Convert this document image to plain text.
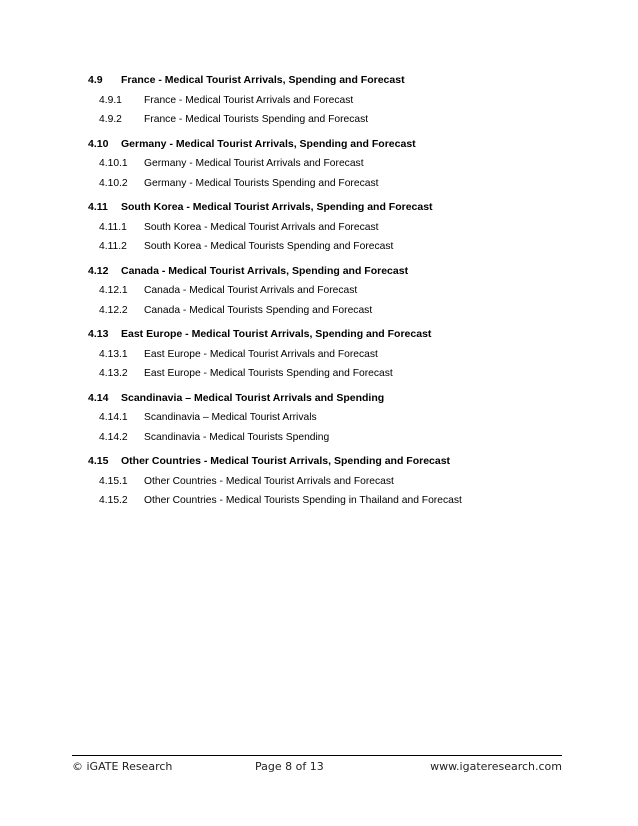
4.9 France - Medical Tourist Arrivals, Spending and Forecast
4.9.1 France - Medical Tourist Arrivals and Forecast
4.9.2 France - Medical Tourists Spending and Forecast
4.10 Germany - Medical Tourist Arrivals, Spending and Forecast
4.10.1 Germany - Medical Tourist Arrivals and Forecast
4.10.2 Germany - Medical Tourists Spending and Forecast
4.11 South Korea - Medical Tourist Arrivals, Spending and Forecast
4.11.1 South Korea - Medical Tourist Arrivals and Forecast
4.11.2 South Korea - Medical Tourists Spending and Forecast
4.12 Canada - Medical Tourist Arrivals, Spending and Forecast
4.12.1 Canada - Medical Tourist Arrivals and Forecast
4.12.2 Canada - Medical Tourists Spending and Forecast
4.13 East Europe - Medical Tourist Arrivals, Spending and Forecast
4.13.1 East Europe - Medical Tourist Arrivals and Forecast
4.13.2 East Europe - Medical Tourists Spending and Forecast
4.14 Scandinavia – Medical Tourist Arrivals and Spending
4.14.1 Scandinavia – Medical Tourist Arrivals
4.14.2 Scandinavia - Medical Tourists Spending
4.15 Other Countries - Medical Tourist Arrivals, Spending and Forecast
4.15.1 Other Countries - Medical Tourist Arrivals and Forecast
4.15.2 Other Countries - Medical Tourists Spending in Thailand and Forecast
© iGATE Research	Page 8 of 13	www.igateresearch.com
